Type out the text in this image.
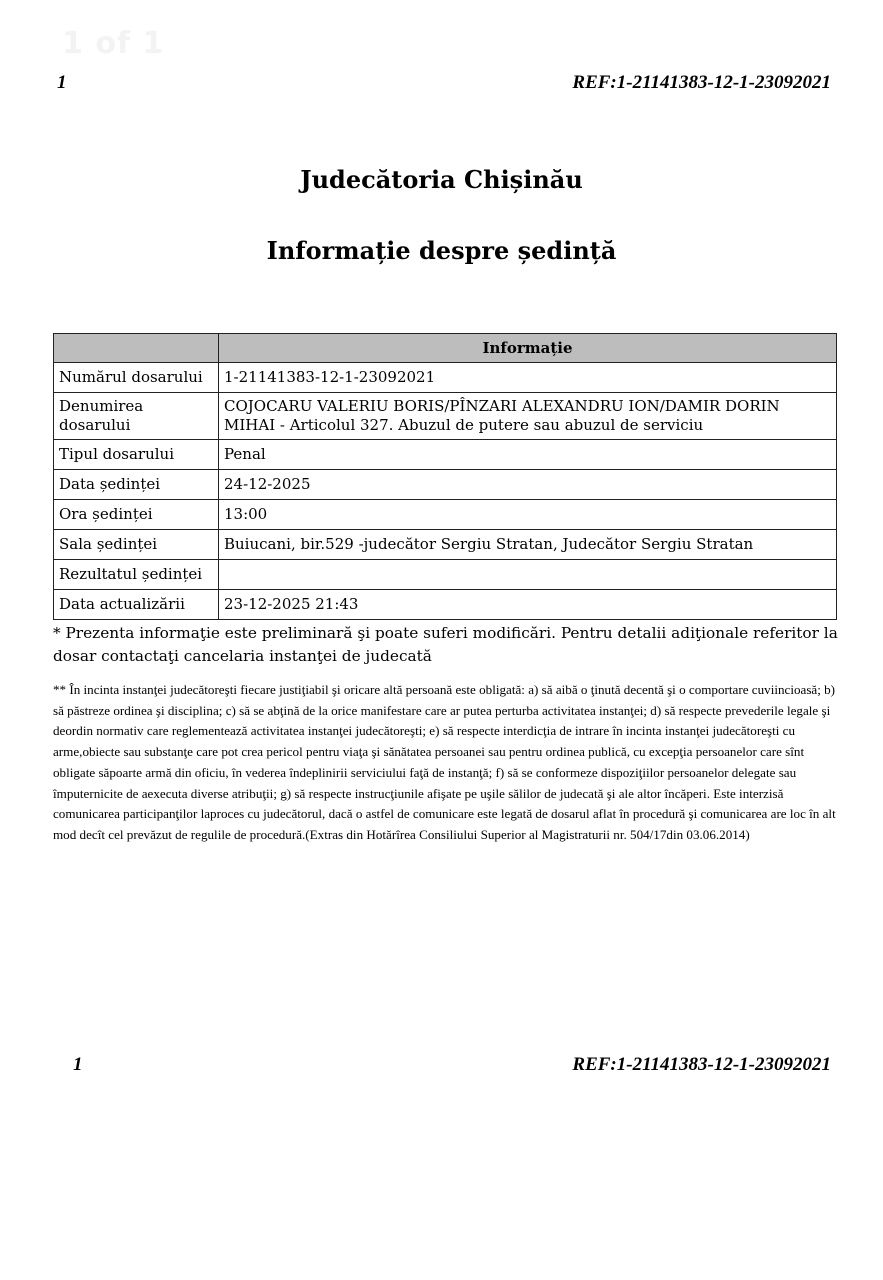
1 of 1
1	REF:1-21141383-12-1-23092021
Judecătoria Chișinău
Informație despre ședință
	Informație
Numărul dosarului	1-21141383-12-1-23092021
Denumirea dosarului	COJOCARU VALERIU BORIS/PÎNZARI ALEXANDRU ION/DAMIR DORIN MIHAI - Articolul 327. Abuzul de putere sau abuzul de serviciu
Tipul dosarului	Penal
Data ședinței	24-12-2025
Ora ședinței	13:00
Sala ședinței	Buiucani, bir.529 -judecător Sergiu Stratan, Judecător Sergiu Stratan
Rezultatul ședinței	
Data actualizării	23-12-2025 21:43
* Prezenta informaţie este preliminară şi poate suferi modificări. Pentru detalii adiţionale referitor la dosar contactaţi cancelaria instanţei de judecată
** În incinta instanţei judecătoreşti fiecare justiţiabil şi oricare altă persoană este obligată: a) să aibă o ţinută decentă şi o comportare cuviincioasă; b) să păstreze ordinea şi disciplina; c) să se abţină de la orice manifestare care ar putea perturba activitatea instanţei; d) să respecte prevederile legale şi deordin normativ care reglementează activitatea instanţei judecătoreşti; e) să respecte interdicţia de intrare în incinta instanţei judecătoreşti cu arme,obiecte sau substanţe care pot crea pericol pentru viaţa şi sănătatea persoanei sau pentru ordinea publică, cu excepţia persoanelor care sînt obligate săpoarte armă din oficiu, în vederea îndeplinirii serviciului faţă de instanţă; f) să se conformeze dispoziţiilor persoanelor delegate sau împuternicite de aexecuta diverse atribuţii; g) să respecte instrucţiunile afişate pe uşile sălilor de judecată şi ale altor încăperi. Este interzisă comunicarea participanţilor laproces cu judecătorul, dacă o astfel de comunicare este legată de dosarul aflat în procedură şi comunicarea are loc în alt mod decît cel prevăzut de regulile de procedură.(Extras din Hotărîrea Consiliului Superior al Magistraturii nr. 504/17din 03.06.2014)
1	REF:1-21141383-12-1-23092021
